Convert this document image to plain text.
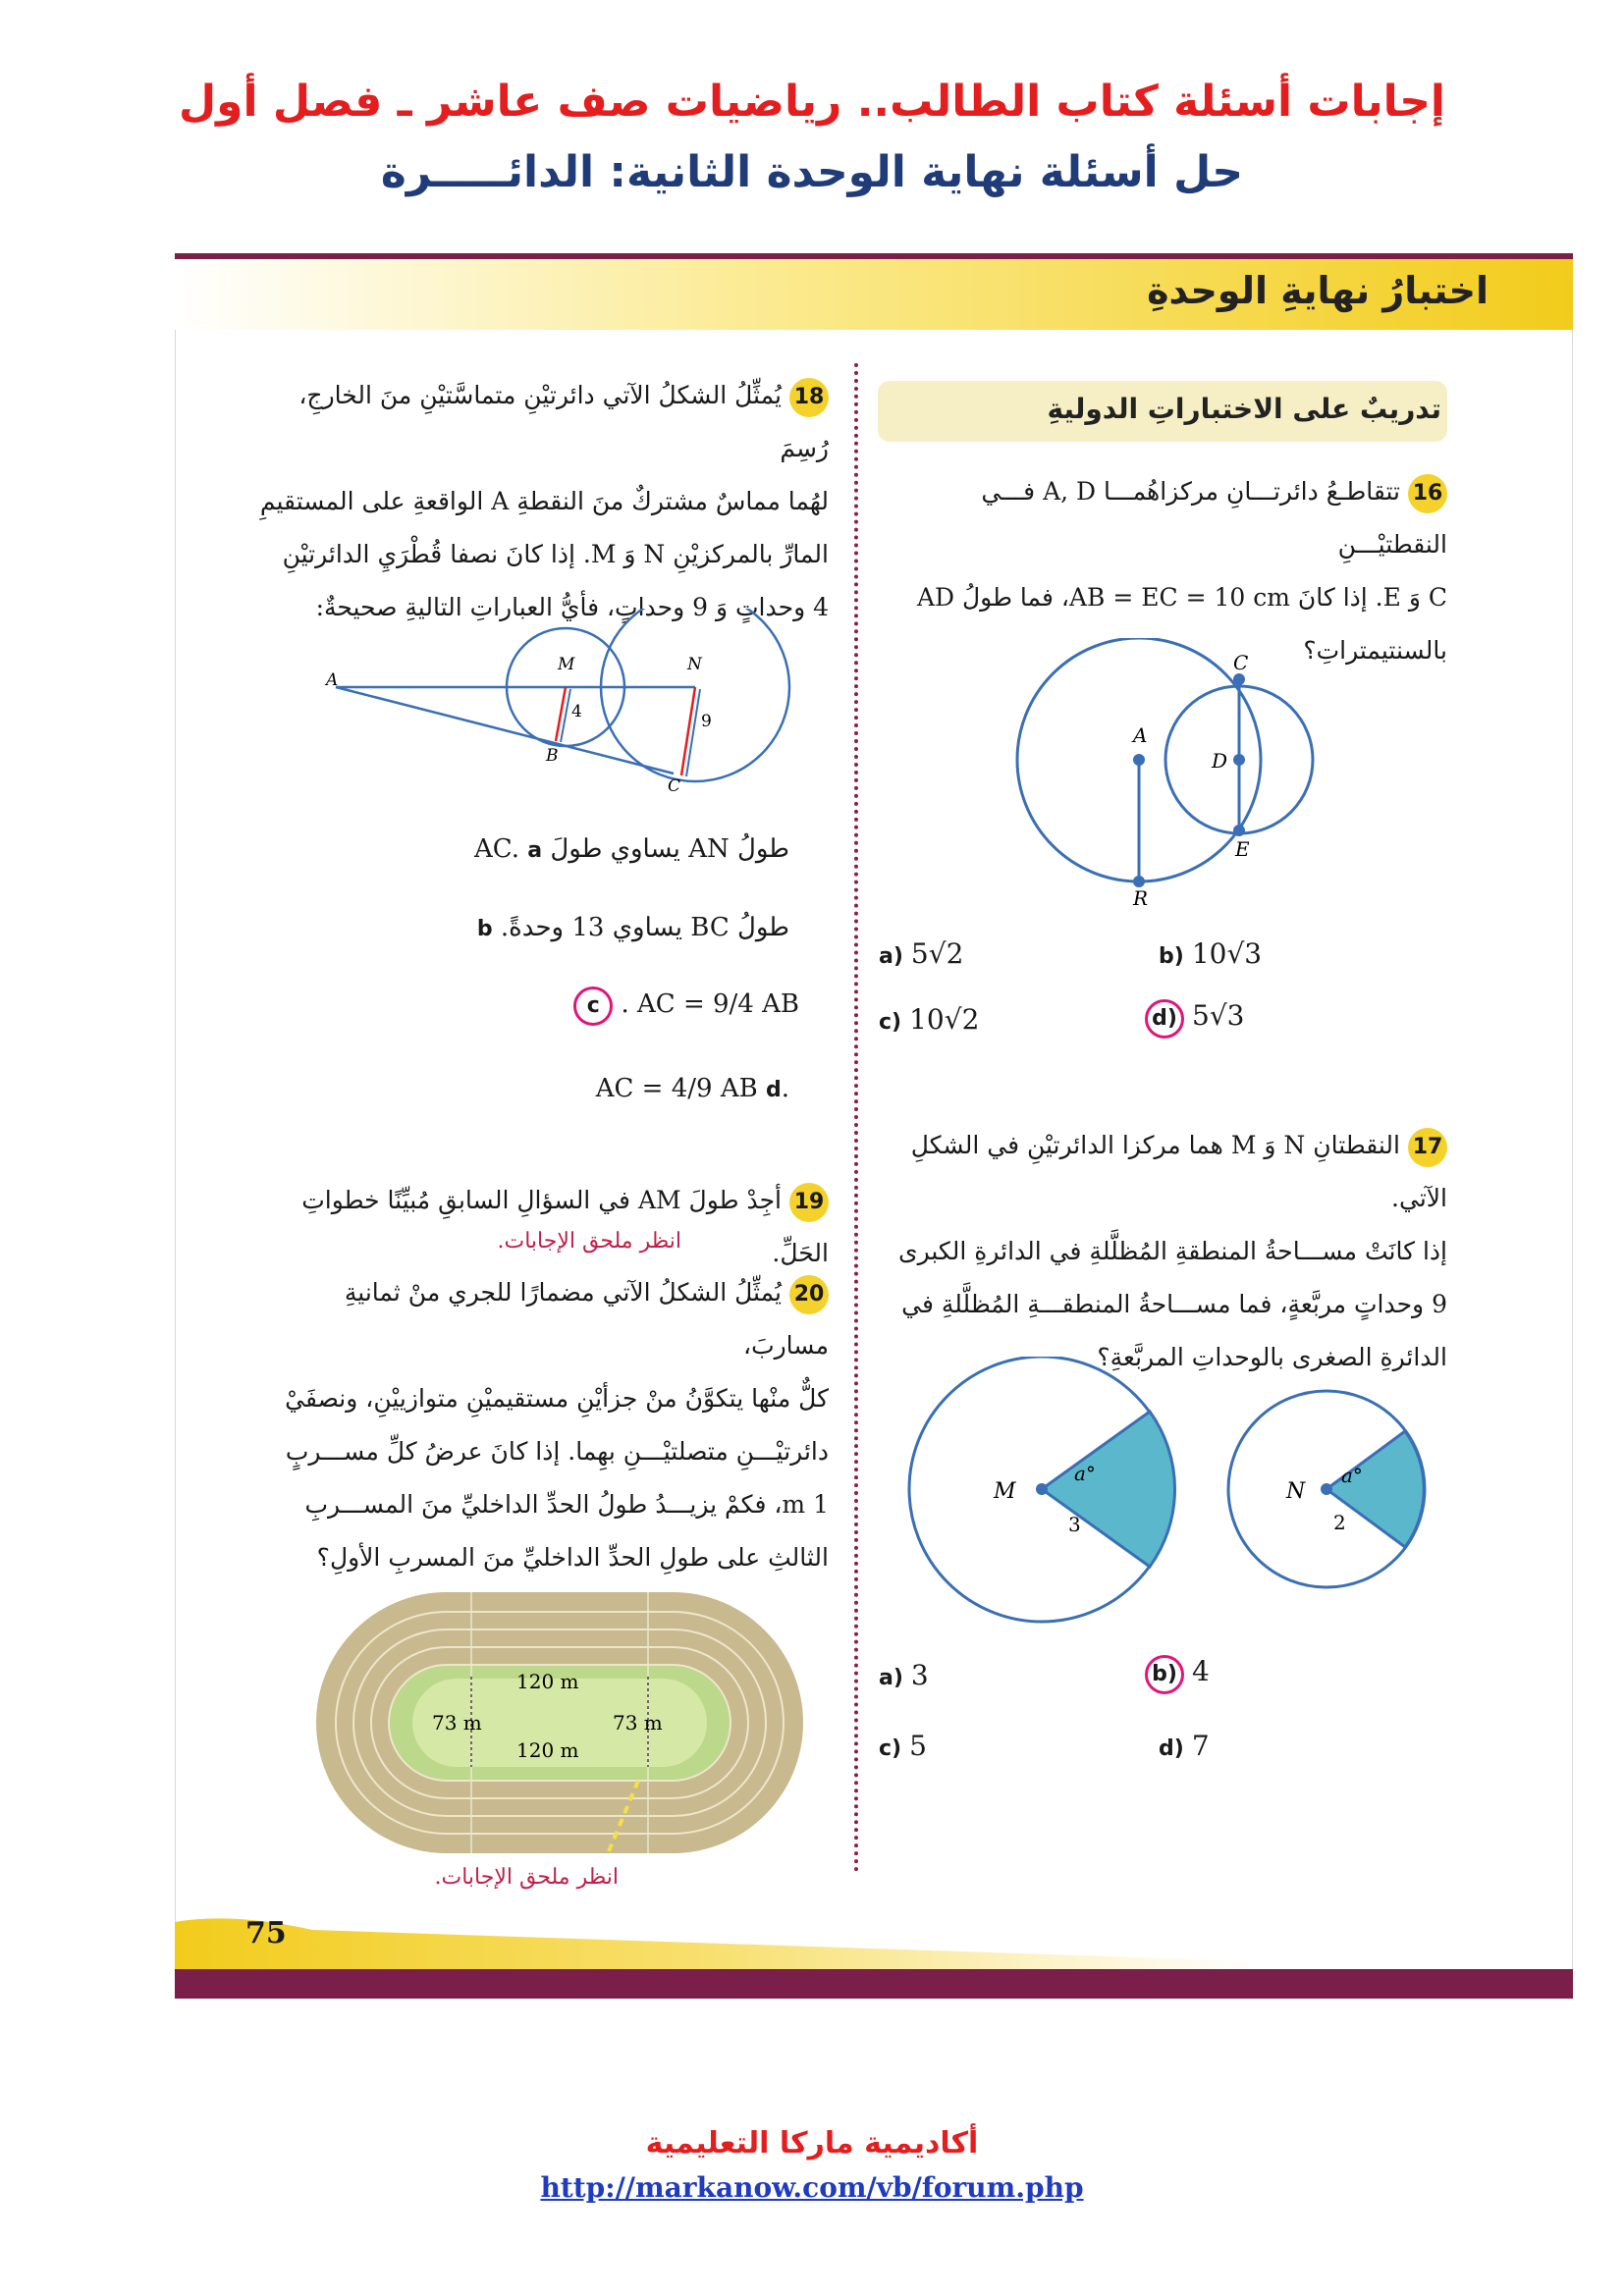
إجابات أسئلة كتاب الطالب.. رياضيات صف عاشر ـ فصل أول
حل أسئلة نهاية الوحدة الثانية: الدائـــــرة
اختبارُ نهايةِ الوحدةِ
تدريبٌ على الاختباراتِ الدوليةِ
16تتقاطـعُ دائرتـــانِ مركزاهُمـــا A, D فـــي النقطتيْـــنِ
C وَ E. إذا كانَ AB = EC = 10 cm، فما طولُ AD
بالسنتيمتراتِ؟
A
C
D
E
R
a) 5√2	b) 10√3
c) 10√2	d) 5√3
17النقطتانِ N وَ M هما مركزا الدائرتيْنِ في الشكلِ الآتي.
إذا كانَتْ مســـاحةُ المنطقةِ المُظلَّلةِ في الدائرةِ الكبرى
9 وحداتٍ مربَّعةٍ، فما مســـاحةُ المنطقـــةِ المُظلَّلةِ في
الدائرةِ الصغرى بالوحداتِ المربَّعةِ؟
M
a°
3
N
a°
2
a) 3	b) 4
c) 5	d) 7
18يُمثِّلُ الشكلُ الآتي دائرتيْنِ متماسَّتيْنِ منَ الخارجِ، رُسِمَ
لهُما مماسٌ مشتركٌ منَ النقطةِ A الواقعةِ على المستقيمِ
المارِّ بالمركزيْنِ N وَ M. إذا كانَ نصفا قُطْرَيِ الدائرتيْنِ
4 وحداتٍ وَ 9 وحداتٍ، فأيُّ العباراتِ التاليةِ صحيحةٌ:
A
M	N
B
C
4	9
طولُ AN يساوي طولَ AC. a
طولُ BC يساوي 13 وحدةً. b
AC = 9/4 AB . c
.AC = 4/9 AB d
19أجِدْ طولَ AM في السؤالِ السابقِ مُبيِّنًا خطواتِ الحَلِّ.
انظر ملحق الإجابات.
20يُمثِّلُ الشكلُ الآتي مضمارًا للجري منْ ثمانيةِ مساربَ،
كلٌّ منْها يتكوَّنُ منْ جزأيْنِ مستقيميْنِ متوازييْنِ، ونصفَيْ
دائرتيْـــنِ متصلتيْـــنِ بهِما. إذا كانَ عرضُ كلِّ مســـربٍ
1 m، فكمْ يزيـــدُ طولُ الحدِّ الداخليِّ منَ المســـربِ
الثالثِ على طولِ الحدِّ الداخليِّ منَ المسربِ الأولِ؟
120 m
120 m
73 m	73 m
انظر ملحق الإجابات.
75
أكاديمية ماركا التعليمية
http://markanow.com/vb/forum.php
